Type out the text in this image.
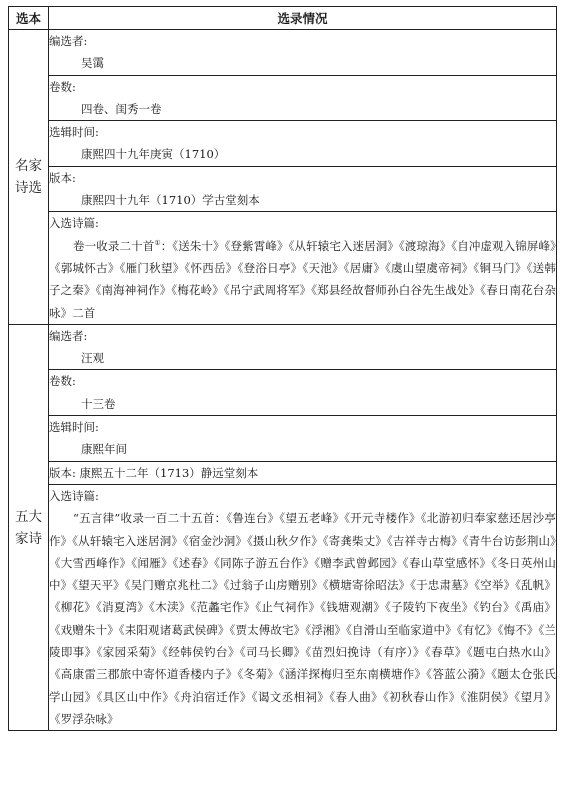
选本	选录情况

名家
诗选	编选者:
吴霭

	卷数:
四卷、闺秀一卷

	选辑时间:
康熙四十九年庚寅（1710）

	版本:
康熙四十九年（1710）学古堂刻本

	入选诗篇:
卷一收录二十首①：《送朱十》《登紫霄峰》《从轩辕宅入迷居洞》《渡琼海》《自冲虚观入锦屏峰》《郭城怀古》《雁门秋望》《怀西岳》《登浴日亭》《天池》《居庸》《虞山望虞帝祠》《铜马门》《送韩子之秦》《南海神祠作》《梅花岭》《吊宁武周将军》《郑县经故督师孙白谷先生战处》《春日南花台杂咏》二首

五大
家诗	编选者:
汪观

	卷数:
十三卷

	选辑时间:
康熙年间

	版本: 康熙五十二年（1713）静远堂刻本

	入选诗篇:
“五言律”收录一百二十五首：《鲁连台》《望五老峰》《开元寺楼作》《北游初归奉家慈还居沙亭作》《从轩辕宅入迷居洞》《宿金沙洞》《摄山秋夕作》《寄龚柴丈》《吉祥寺古梅》《青牛台访彭荆山》《大雪西峰作》《闻雁》《述春》《同陈子游五台作》《赠李武曾邺园》《春山草堂感怀》《冬日英州山中》《望天平》《吴门赠京兆杜二》《过翁子山房赠别》《横塘寄徐昭法》《于忠肃墓》《空举》《乱帆》《柳花》《消夏湾》《木渎》《范蠡宅作》《止气祠作》《钱塘观潮》《子陵钓下夜坐》《钓台》《禹庙》《戏赠朱十》《耒阳观诸葛武侯碑》《贾太傅故宅》《浮湘》《自滑山至临家道中》《有忆》《悔不》《兰陵即事》《家园采菊》《经韩侯钓台》《司马长卿》《苗烈妇挽诗（有序）》《春草》《题屯白热水山》《高康雷三郡旅中寄怀道香楼内子》《冬菊》《涵洋探梅归至东南横塘作》《答蓝公漪》《题太仓张氏学山园》《具区山中作》《舟泊宿迁作》《谒文丞相祠》《春人曲》《初秋春山作》《淮阴侯》《望月》《罗浮杂咏》
